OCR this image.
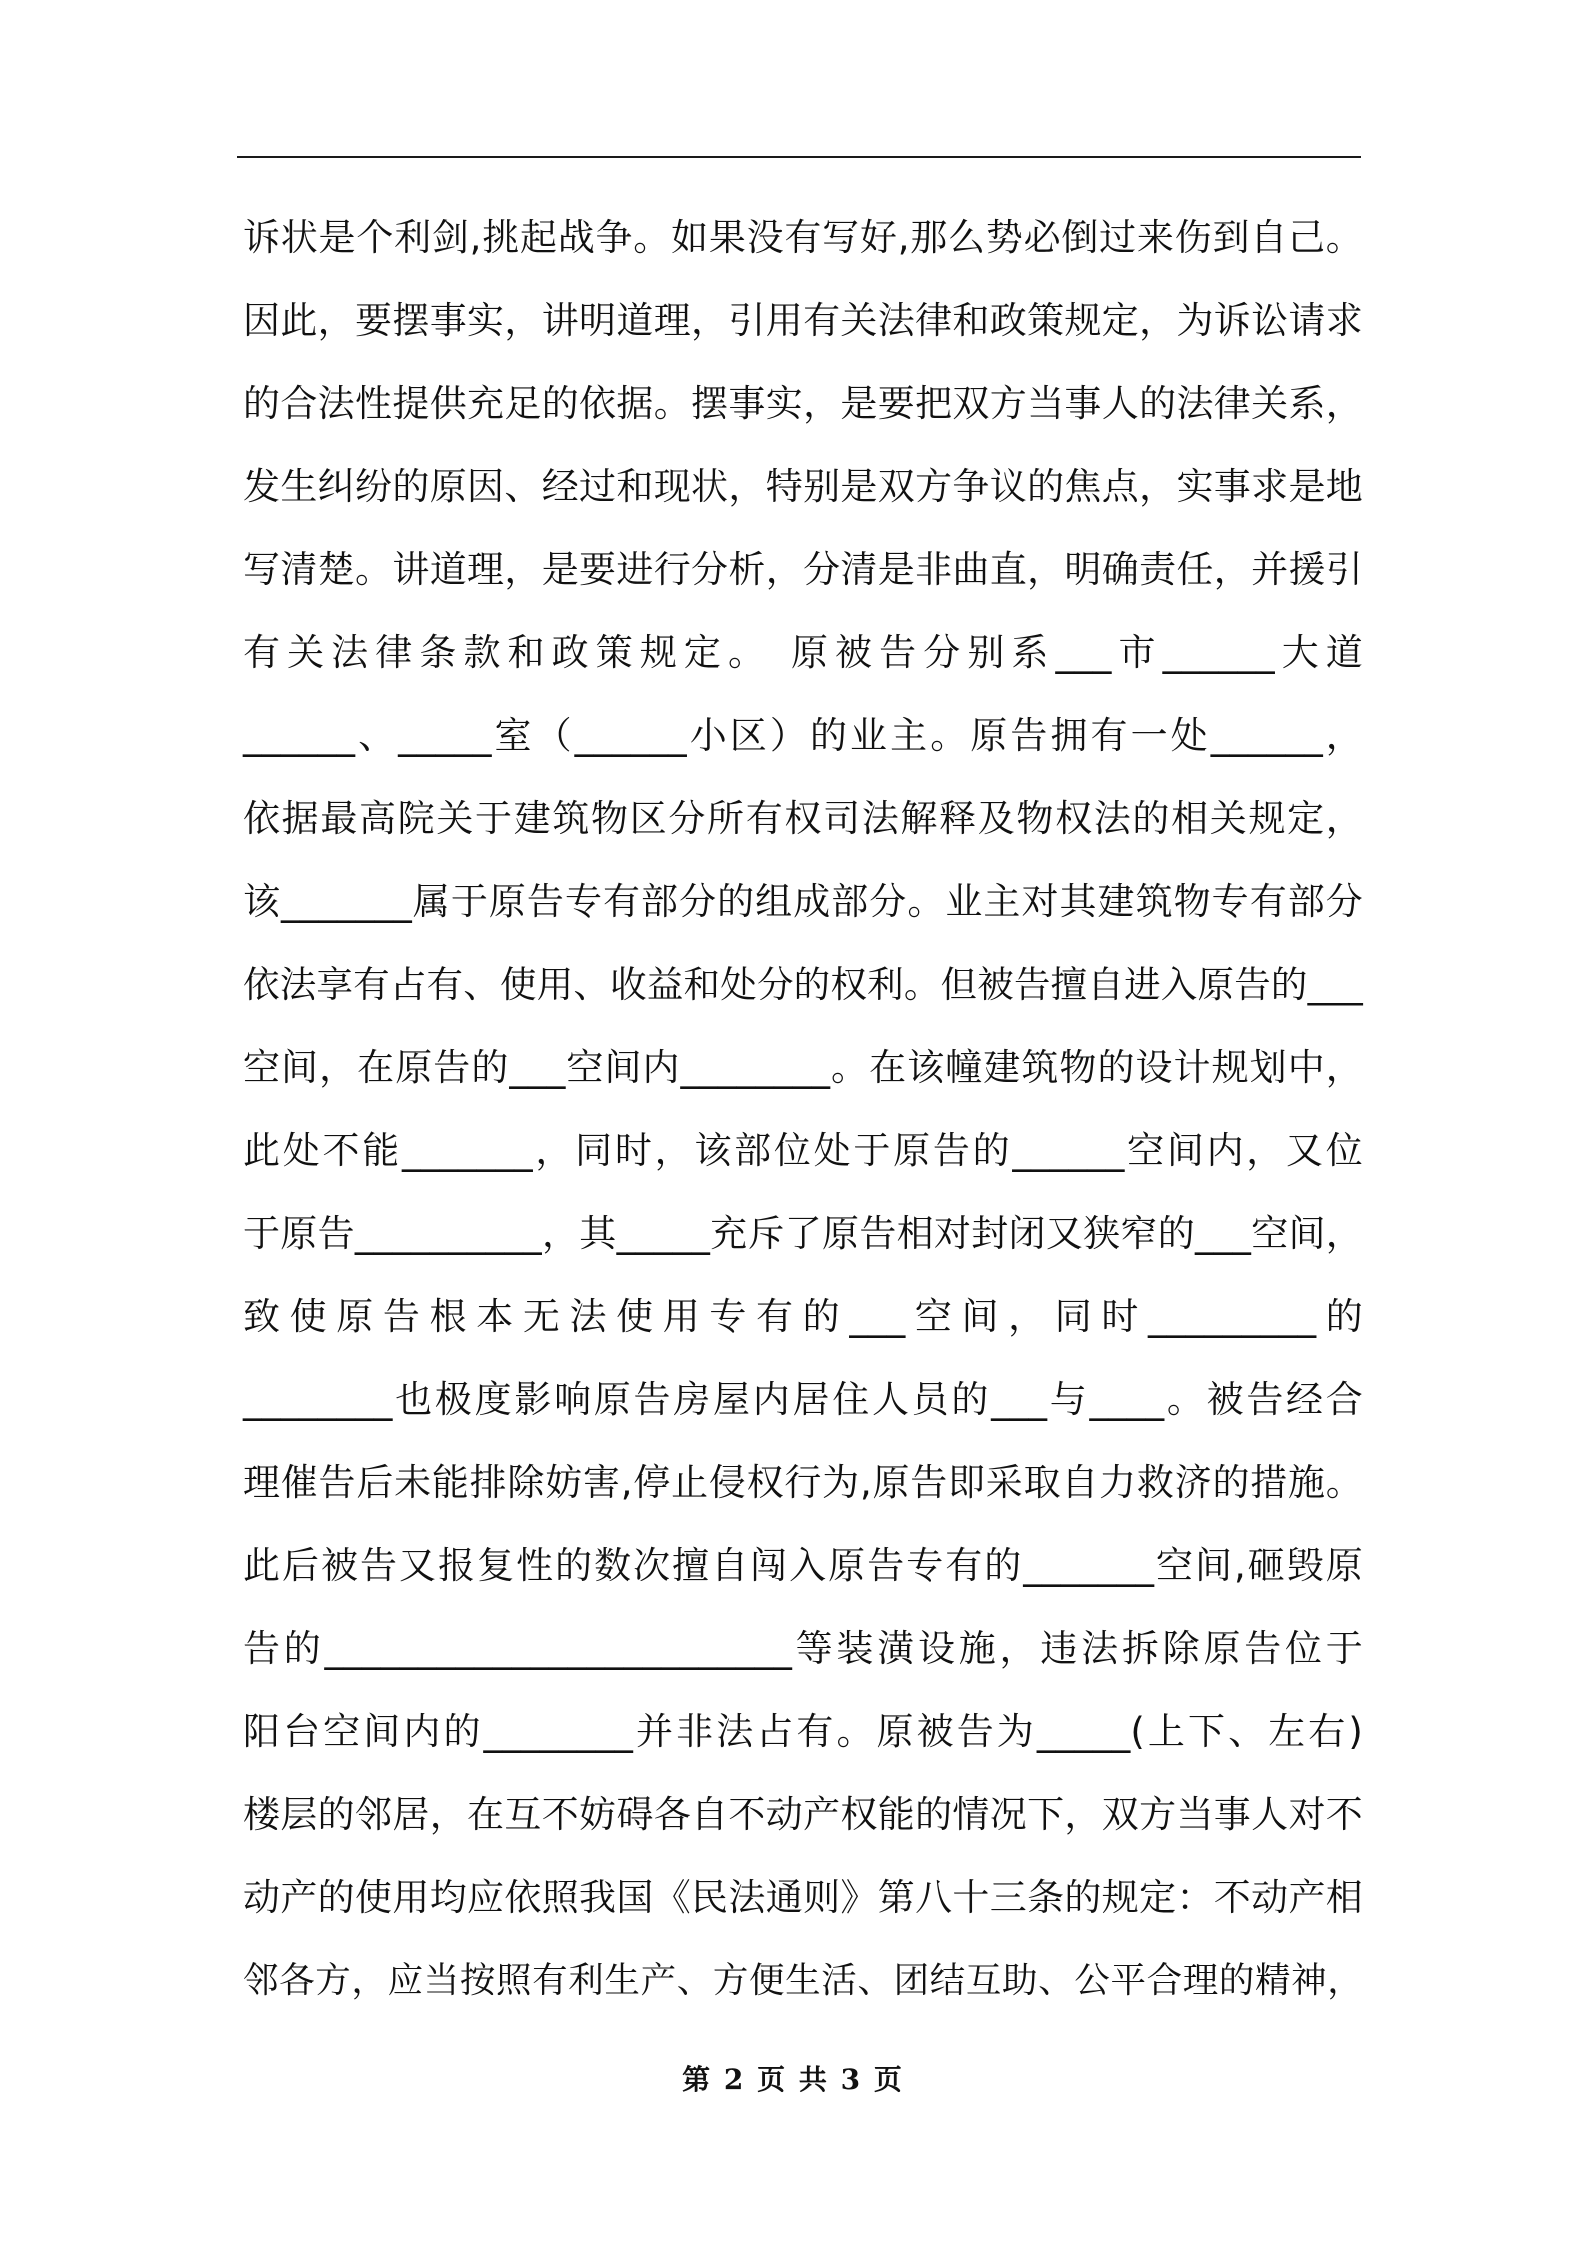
诉状是个利剑,挑起战争。如果没有写好,那么势必倒过来伤到自己。
因此，要摆事实，讲明道理，引用有关法律和政策规定，为诉讼请求
的合法性提供充足的依据。摆事实，是要把双方当事人的法律关系，
发生纠纷的原因、经过和现状，特别是双方争议的焦点，实事求是地
写清楚。讲道理，是要进行分析，分清是非曲直，明确责任，并援引
有关法律条款和政策规定。 原被告分别系___市______大道
______、_____室（______小区）的业主。原告拥有一处______，
依据最高院关于建筑物区分所有权司法解释及物权法的相关规定，
该_______属于原告专有部分的组成部分。业主对其建筑物专有部分
依法享有占有、使用、收益和处分的权利。但被告擅自进入原告的___
空间，在原告的___空间内________。在该幢建筑物的设计规划中，
此处不能_______，同时，该部位处于原告的______空间内，又位
于原告__________，其_____充斥了原告相对封闭又狭窄的___空间，
致使原告根本无法使用专有的___空间，同时_________的
________也极度影响原告房屋内居住人员的___与____。被告经合
理催告后未能排除妨害,停止侵权行为,原告即采取自力救济的措施。
此后被告又报复性的数次擅自闯入原告专有的_______空间,砸毁原
告的_________________________等装潢设施，违法拆除原告位于
阳台空间内的________并非法占有。原被告为_____(上下、左右)
楼层的邻居，在互不妨碍各自不动产权能的情况下，双方当事人对不
动产的使用均应依照我国《民法通则》第八十三条的规定：不动产相
邻各方，应当按照有利生产、方便生活、团结互助、公平合理的精神，
第 2 页 共 3 页
